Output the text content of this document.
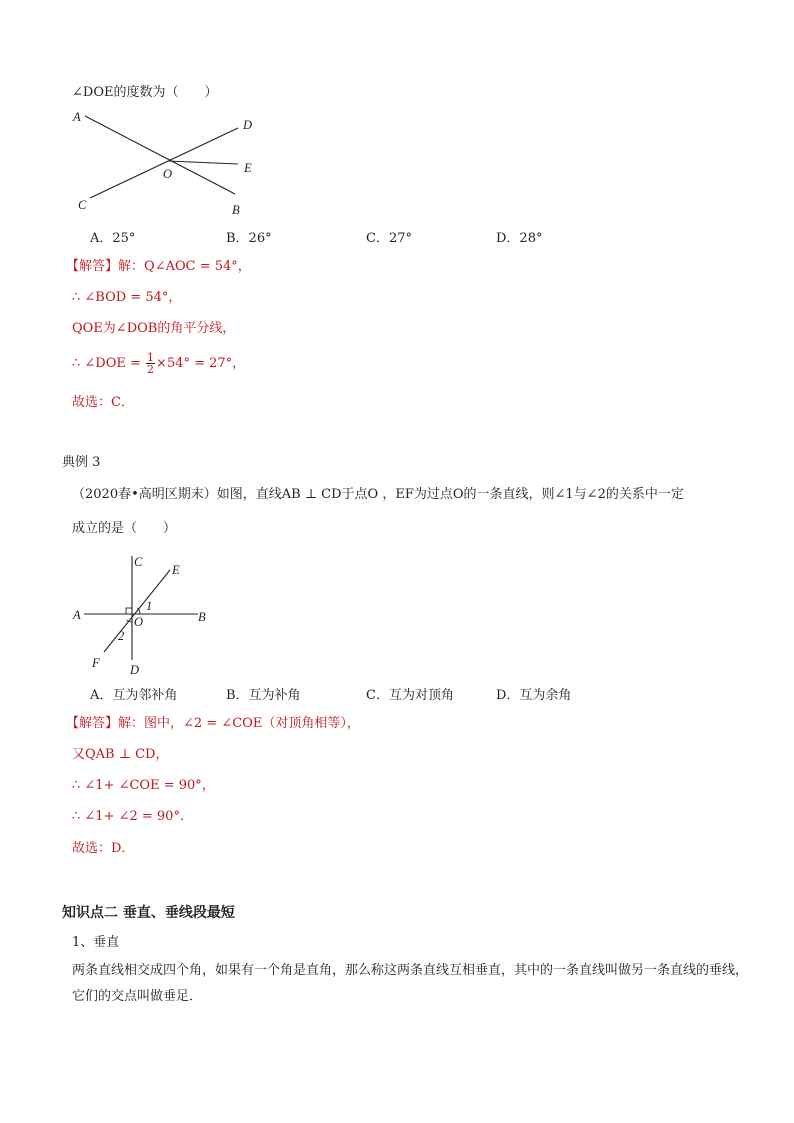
∠DOE的度数为（　　）
A
D
E
O
C	B
A．25°	B．26°	C．27°	D．28°
【解答】解：Q∠AOC = 54°，
∴ ∠BOD = 54°，
QOE为∠DOB的角平分线，
∴ ∠DOE = $\frac{1}{2} \times 54^\circ = 27^\circ$，
故选：C．
典例 3
（2020春•高明区期末）如图，直线AB ⊥ CD于点O ，EF为过点O的一条直线，则∠1与∠2的关系中一定
成立的是（　　）
C
E
1
A	B
O
2
F D
A．互为邻补角	B．互为补角	C．互为对顶角	D．互为余角
【解答】解：图中，∠2 = ∠COE（对顶角相等），
又QAB ⊥ CD，
∴ ∠1+ ∠COE = 90°，
∴ ∠1+ ∠2 = 90°．
故选：D．
知识点二 垂直、垂线段最短
1、垂直
两条直线相交成四个角，如果有一个角是直角，那么称这两条直线互相垂直，其中的一条直线叫做另一条直线的垂线，它们的交点叫做垂足．
